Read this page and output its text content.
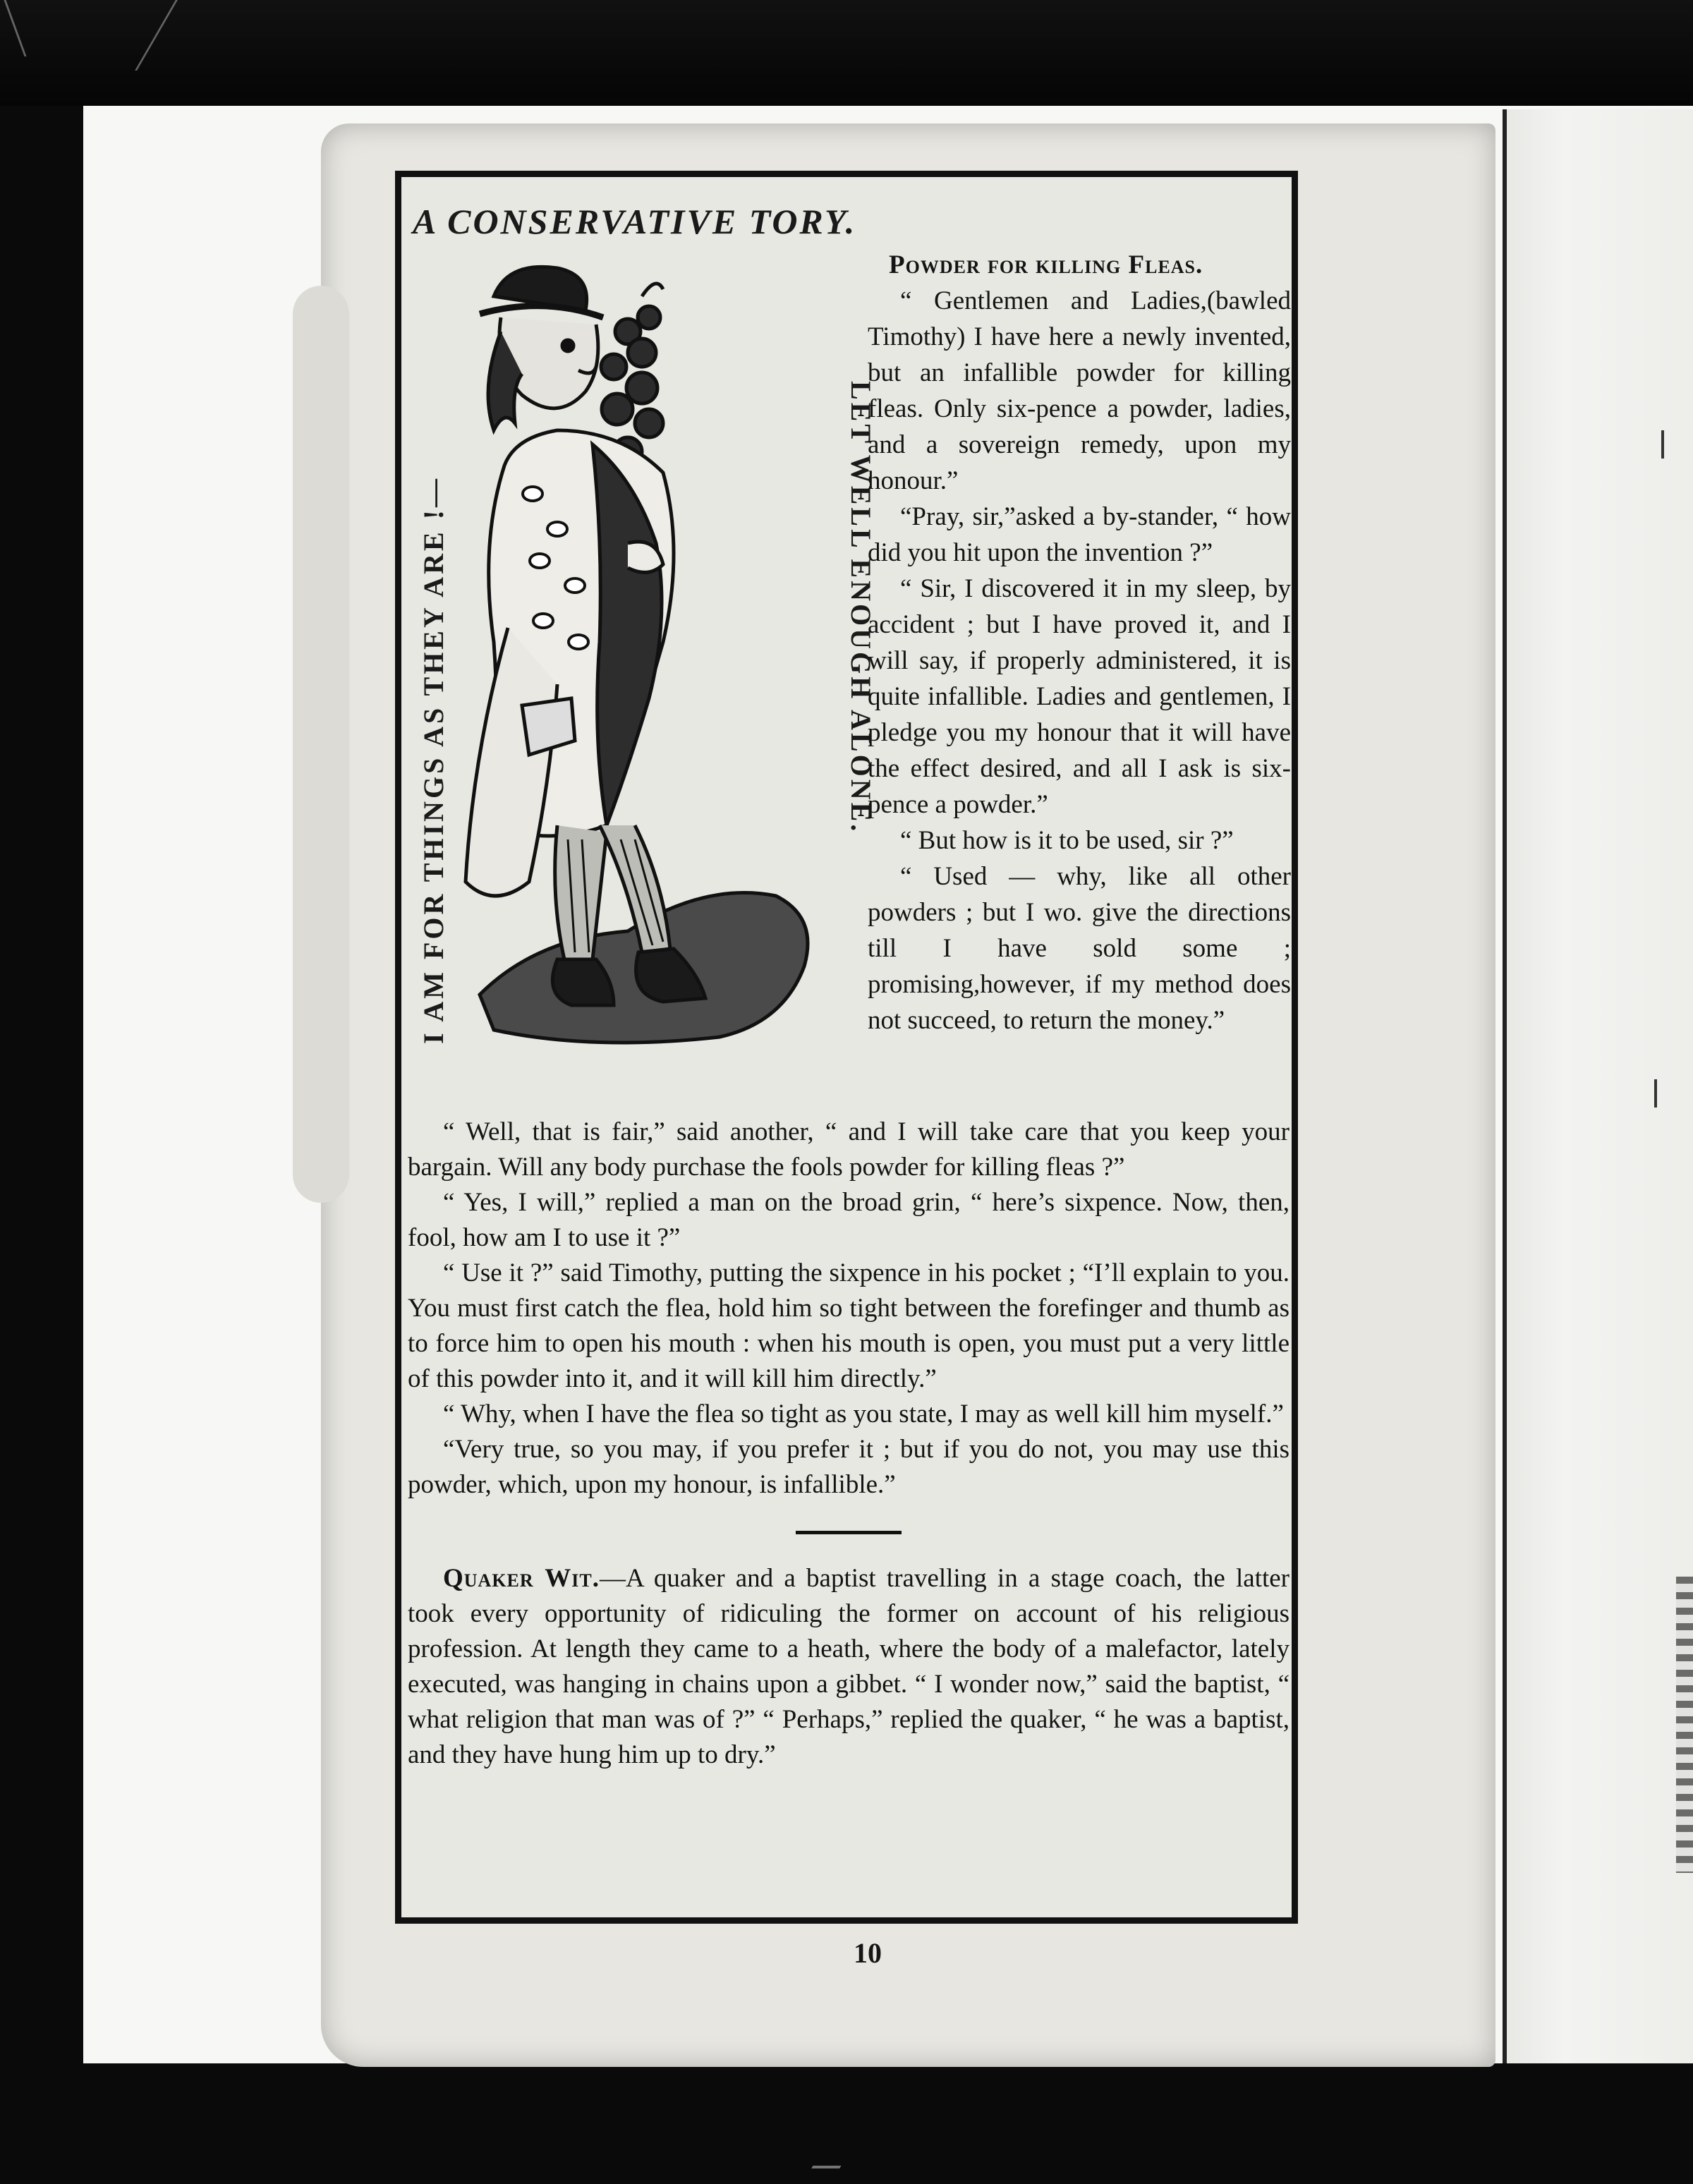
A CONSERVATIVE TORY.
I AM FOR THINGS AS THEY ARE !—	LET WELL ENOUGH ALONE.

Powder for killing Fleas.

“ Gentlemen and Ladies,(bawled Timothy) I have here a newly invented, but an infallible powder for killing fleas. Only six-pence a powder, ladies, and a sovereign remedy, upon my honour.”

“Pray, sir,”asked a by-stander, “ how did you hit upon the invention ?”

“ Sir, I discovered it in my sleep, by accident ; but I have proved it, and I will say, if properly administered, it is quite infallible. Ladies and gentlemen, I pledge you my honour that it will have the effect desired, and all I ask is six-pence a powder.”

“ But how is it to be used, sir ?”

“ Used — why, like all other powders ; but I wo. give the directions till I have sold some ; promising,however, if my method does not succeed, to return the money.”

“ Well, that is fair,” said another, “ and I will take care that you keep your bargain. Will any body purchase the fools powder for killing fleas ?”

“ Yes, I will,” replied a man on the broad grin, “ here’s sixpence. Now, then, fool, how am I to use it ?”

“ Use it ?” said Timothy, putting the sixpence in his pocket ; “I’ll explain to you. You must first catch the flea, hold him so tight between the forefinger and thumb as to force him to open his mouth : when his mouth is open, you must put a very little of this powder into it, and it will kill him directly.”

“ Why, when I have the flea so tight as you state, I may as well kill him myself.”

“Very true, so you may, if you prefer it ; but if you do not, you may use this powder, which, upon my honour, is infallible.”

Quaker Wit.—A quaker and a baptist travelling in a stage coach, the latter took every opportunity of ridiculing the former on account of his religious profession. At length they came to a heath, where the body of a malefactor, lately executed, was hanging in chains upon a gibbet. “ I wonder now,” said the baptist, “ what religion that man was of ?” “ Perhaps,” replied the quaker, “ he was a baptist, and they have hung him up to dry.”

10
